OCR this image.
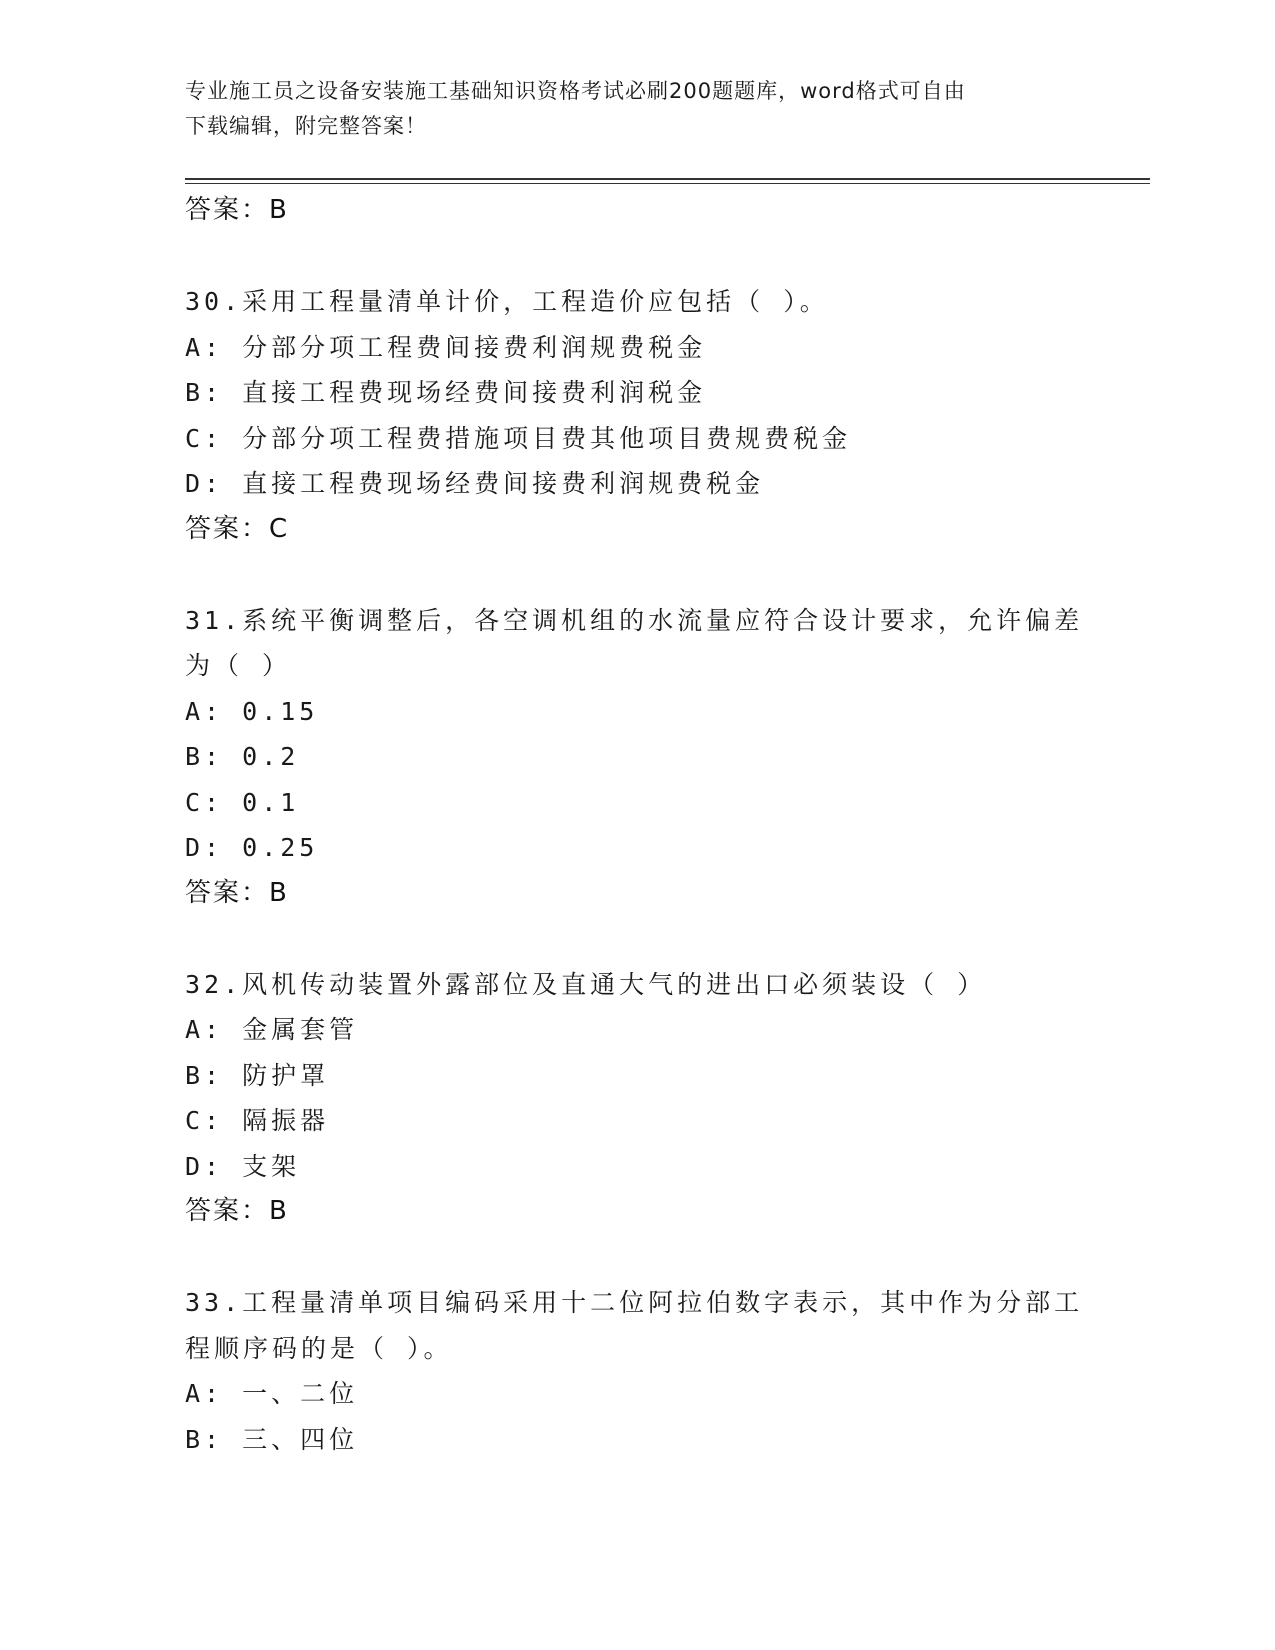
专业施工员之设备安装施工基础知识资格考试必刷200题题库，word格式可自由
下载编辑，附完整答案！
答案：B
30.采用工程量清单计价，工程造价应包括（ ）。
A: 分部分项工程费间接费利润规费税金
B: 直接工程费现场经费间接费利润税金
C: 分部分项工程费措施项目费其他项目费规费税金
D: 直接工程费现场经费间接费利润规费税金
答案：C
31.系统平衡调整后，各空调机组的水流量应符合设计要求，允许偏差
为（ ）
A: 0.15
B: 0.2
C: 0.1
D: 0.25
答案：B
32.风机传动装置外露部位及直通大气的进出口必须装设（ ）
A: 金属套管
B: 防护罩
C: 隔振器
D: 支架
答案：B
33.工程量清单项目编码采用十二位阿拉伯数字表示，其中作为分部工
程顺序码的是（ ）。
A: 一、二位
B: 三、四位
